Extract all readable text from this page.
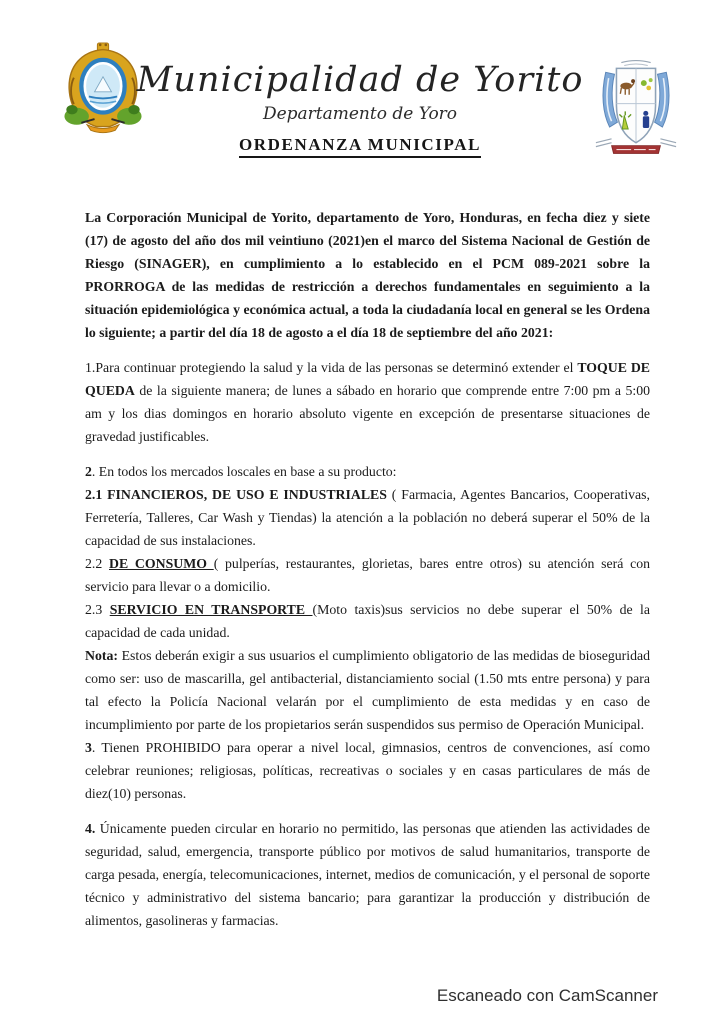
Municipalidad de Yorito
Departamento de Yoro
ORDENANZA MUNICIPAL

La Corporación Municipal de Yorito, departamento de Yoro, Honduras, en fecha diez y siete (17) de agosto del año dos mil veintiuno (2021)en el marco del Sistema Nacional de Gestión de Riesgo (SINAGER), en cumplimiento a lo establecido en el PCM 089-2021 sobre la PRORROGA de las medidas de restricción a derechos fundamentales en seguimiento a la situación epidemiológica y económica actual, a toda la ciudadanía local en general se les Ordena lo siguiente; a partir del día 18 de agosto a el día 18 de septiembre del año 2021:

1.Para continuar protegiendo la salud y la vida de las personas se determinó extender el TOQUE DE QUEDA de la siguiente manera; de lunes a sábado en horario que comprende entre 7:00 pm a 5:00 am y los dias domingos en horario absoluto vigente en excepción de presentarse situaciones de gravedad justificables.

2. En todos los mercados loscales en base a su producto:

2.1 FINANCIEROS, DE USO E INDUSTRIALES ( Farmacia, Agentes Bancarios, Cooperativas, Ferretería, Talleres, Car Wash y Tiendas) la atención a la población no deberá superar el 50% de la capacidad de sus instalaciones.

2.2 DE CONSUMO ( pulperías, restaurantes, glorietas, bares entre otros) su atención será con servicio para llevar o a domicilio.

2.3 SERVICIO EN TRANSPORTE (Moto taxis)sus servicios no debe superar el 50% de la capacidad de cada unidad.

Nota: Estos deberán exigir a sus usuarios el cumplimiento obligatorio de las medidas de bioseguridad como ser: uso de mascarilla, gel antibacterial, distanciamiento social (1.50 mts entre persona) y para tal efecto la Policía Nacional velarán por el cumplimiento de esta medidas y en caso de incumplimiento por parte de los propietarios serán suspendidos sus permiso de Operación Municipal.

3. Tienen PROHIBIDO para operar a nivel local, gimnasios, centros de convenciones, así como celebrar reuniones; religiosas, políticas, recreativas o sociales y en casas particulares de más de diez(10) personas.

4. Únicamente pueden circular en horario no permitido, las personas que atienden las actividades de seguridad, salud, emergencia, transporte público por motivos de salud humanitarios, transporte de carga pesada, energía, telecomunicaciones, internet, medios de comunicación, y el personal de soporte técnico y administrativo del sistema bancario; para garantizar la producción y distribución de alimentos, gasolineras y farmacias.

Escaneado con CamScanner
